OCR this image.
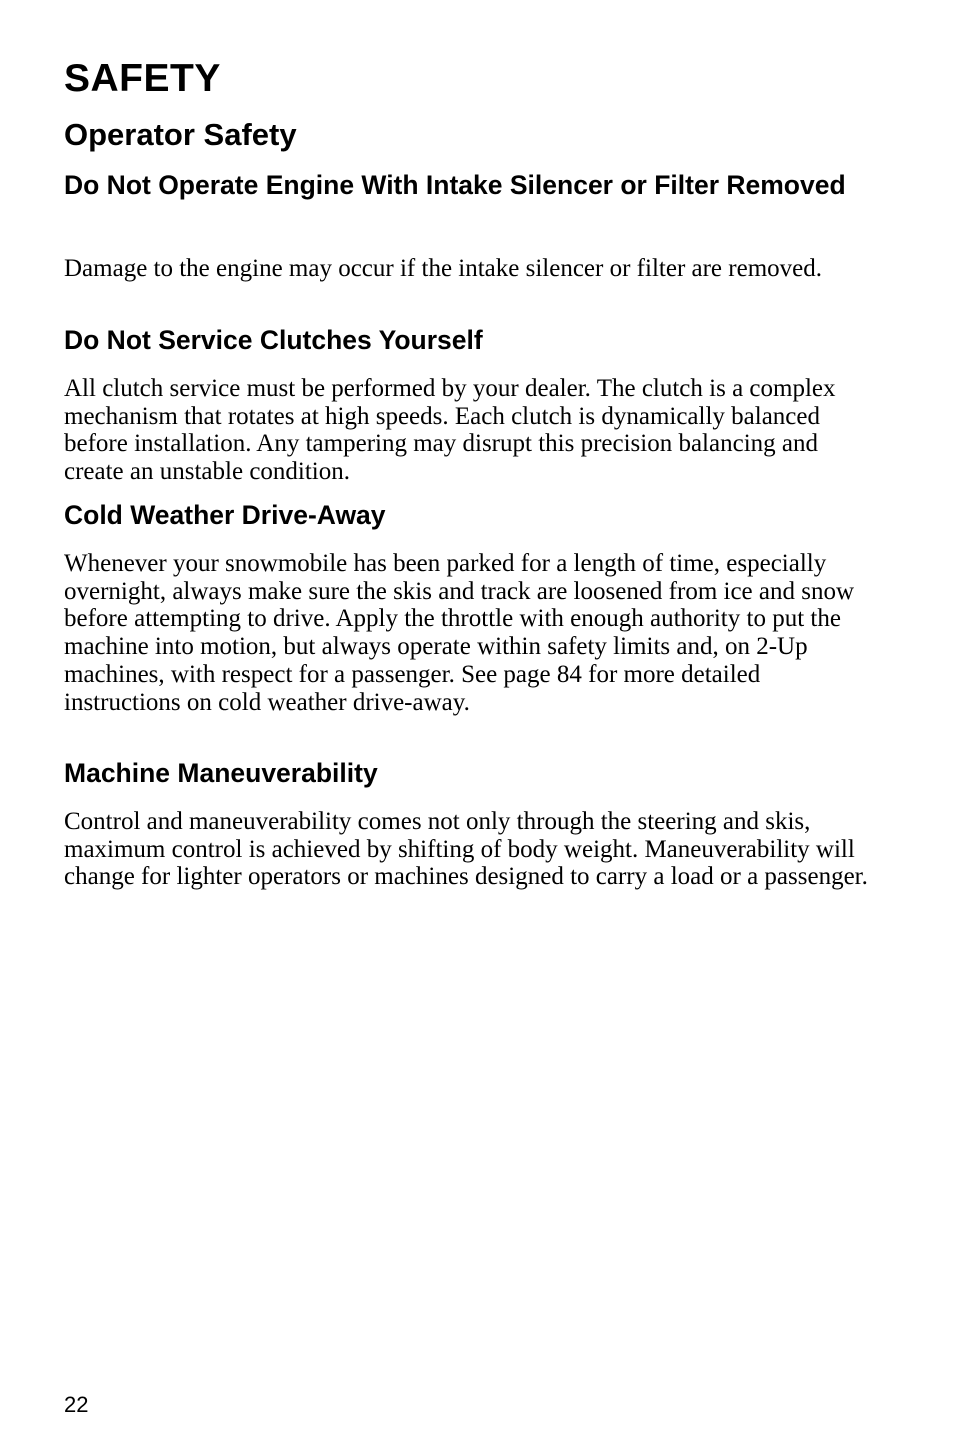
SAFETY
Operator Safety
Do Not Operate Engine With Intake Silencer or Filter Removed

Damage to the engine may occur if the intake silencer or filter are removed.

Do Not Service Clutches Yourself

All clutch service must be performed by your dealer. The clutch is a complex mechanism that rotates at high speeds. Each clutch is dynamically balanced before installation. Any tampering may disrupt this precision balancing and create an unstable condition.

Cold Weather Drive-Away

Whenever your snowmobile has been parked for a length of time, especially overnight, always make sure the skis and track are loosened from ice and snow before attempting to drive. Apply the throttle with enough authority to put the machine into motion, but always operate within safety limits and, on 2-Up machines, with respect for a passenger. See page 84 for more detailed instructions on cold weather drive-away.

Machine Maneuverability

Control and maneuverability comes not only through the steering and skis, maximum control is achieved by shifting of body weight. Maneuverability will change for lighter operators or machines designed to carry a load or a passenger.

22
